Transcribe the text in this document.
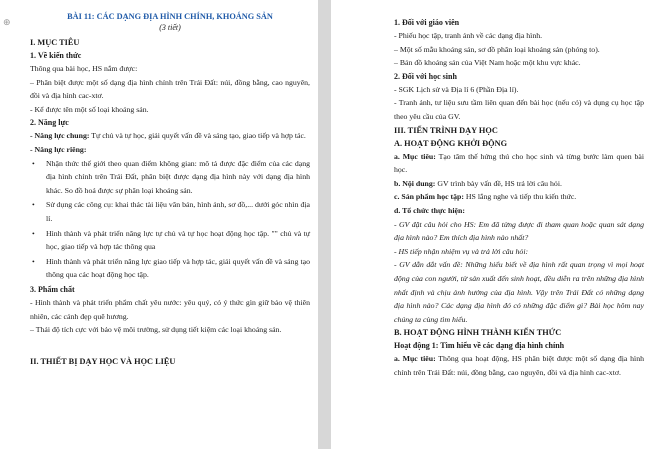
⊕
BÀI 11: CÁC DẠNG ĐỊA HÌNH CHÍNH, KHOÁNG SẢN
(3 tiết)
I. MỤC TIÊU
1. Về kiến thức
Thông qua bài học, HS nắm được:
– Phân biệt được một số dạng địa hình chính trên Trái Đất: núi, đồng bằng, cao nguyên, đồi và địa hình cac-xtơ.
- Kể được tên một số loại khoáng sản.
2. Năng lực
- Năng lực chung: Tự chủ và tự học, giải quyết vấn đề và sáng tạo, giao tiếp và hợp tác.
- Năng lực riêng:
• Nhận thức thế giới theo quan điểm không gian: mô tả được đặc điểm của các dạng địa hình chính trên Trái Đất, phân biệt được dạng địa hình này với dạng địa hình khác. So đồ hoá được sự phân loại khoáng sản.
• Sử dụng các công cụ: khai thác tài liệu văn bản, hình ảnh, sơ đồ,... dưới góc nhìn địa lí.
• Hình thành và phát triển năng lực tự chủ và tự học hoạt động học tập. "" chủ và tự học, giao tiếp và hợp tác thông qua
• Hình thành và phát triển năng lực giao tiếp và hợp tác, giải quyết vấn đề và sáng tạo thông qua các hoạt động học tập.
3. Phẩm chất
- Hình thành và phát triển phẩm chất yêu nước: yêu quý, có ý thức gìn giữ bảo vệ thiên nhiên, các cảnh đẹp quê hương.
– Thái độ tích cực với bảo vệ môi trường, sử dụng tiết kiệm các loại khoáng sản.
II. THIẾT BỊ DẠY HỌC VÀ HỌC LIỆU
1. Đối với giáo viên
- Phiếu học tập, tranh ảnh về các dạng địa hình.
– Một số mẫu khoáng sản, sơ đồ phân loại khoáng sản (phóng to).
– Bản đồ khoáng sản của Việt Nam hoặc một khu vực khác.
2. Đối với học sinh
- SGK Lịch sử và Địa lí 6 (Phần Địa lí).
- Tranh ảnh, tư liệu sưu tầm liên quan đến bài học (nếu có) và dụng cụ học tập theo yêu cầu của GV.
III. TIẾN TRÌNH DẠY HỌC
A. HOẠT ĐỘNG KHỞI ĐỘNG
a. Mục tiêu: Tạo tâm thế hứng thú cho học sinh và từng bước làm quen bài học.
b. Nội dung: GV trình bày vấn đề, HS trả lời câu hỏi.
c. Sản phẩm học tập: HS lắng nghe và tiếp thu kiến thức.
d. Tổ chức thực hiện:
- GV đặt câu hỏi cho HS: Em đã từng được đi tham quan hoặc quan sát dạng địa hình nào? Em thích địa hình nào nhất?
- HS tiếp nhận nhiệm vụ và trả lời câu hỏi:
- GV dẫn dắt vấn đề: Những hiểu biết về địa hình rất quan trọng vì mọi hoạt động của con người, từ sản xuất đến sinh hoạt, đều diễn ra trên những địa hình nhất định và chịu ảnh hưởng của địa hình. Vậy trên Trái Đất có những dạng địa hình nào? Các dạng địa hình đó có những đặc điểm gì? Bài học hôm nay chúng ta cùng tìm hiểu.
B. HOẠT ĐỘNG HÌNH THÀNH KIẾN THỨC
Hoạt động 1: Tìm hiểu về các dạng địa hình chính
a. Mục tiêu: Thông qua hoạt động, HS phân biệt được một số dạng địa hình chính trên Trái Đất: núi, đồng bằng, cao nguyên, đồi và địa hình cac-xtơ.
